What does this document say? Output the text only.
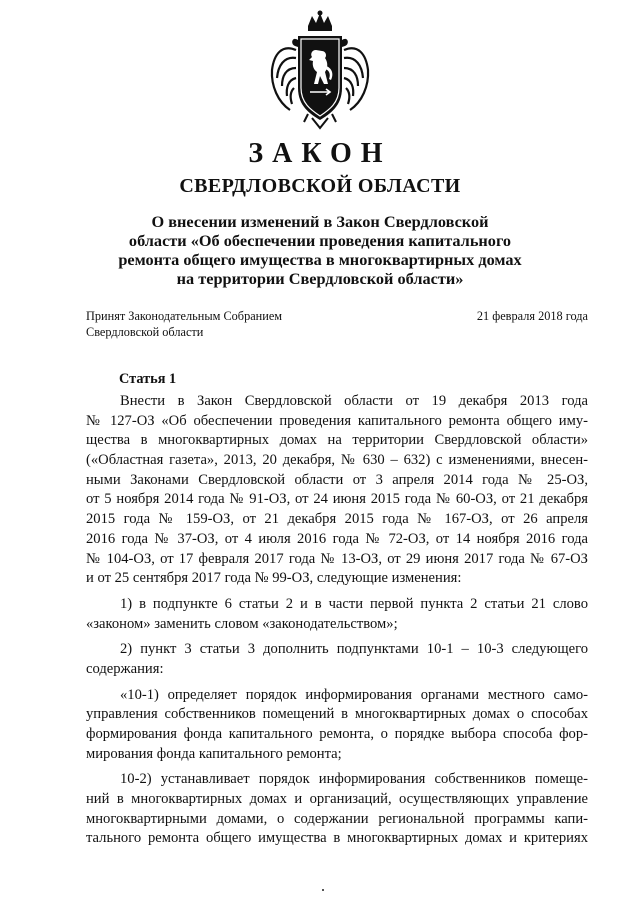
ЗАКОН
СВЕРДЛОВСКОЙ ОБЛАСТИ
О внесении изменений в Закон Свердловской
области «Об обеспечении проведения капитального
ремонта общего имущества в многоквартирных домах
на территории Свердловской области»
Принят Законодательным Собранием
Свердловской области
21 февраля 2018 года
Статья 1
Внести в Закон Свердловской области от 19 декабря 2013 года
№ 127-ОЗ «Об обеспечении проведения капитального ремонта общего иму-
щества в многоквартирных домах на территории Свердловской области»
(«Областная газета», 2013, 20 декабря, № 630 – 632) с изменениями, внесен-
ными Законами Свердловской области от 3 апреля 2014 года № 25-ОЗ,
от 5 ноября 2014 года № 91-ОЗ, от 24 июня 2015 года № 60-ОЗ, от 21 декабря
2015 года № 159-ОЗ, от 21 декабря 2015 года № 167-ОЗ, от 26 апреля
2016 года № 37-ОЗ, от 4 июля 2016 года № 72-ОЗ, от 14 ноября 2016 года
№ 104-ОЗ, от 17 февраля 2017 года № 13-ОЗ, от 29 июня 2017 года № 67-ОЗ
и от 25 сентября 2017 года № 99-ОЗ, следующие изменения:
1) в подпункте 6 статьи 2 и в части первой пункта 2 статьи 21 слово
«законом» заменить словом «законодательством»;
2) пункт 3 статьи 3 дополнить подпунктами 10-1 – 10-3 следующего
содержания:
«10-1) определяет порядок информирования органами местного само-
управления собственников помещений в многоквартирных домах о способах
формирования фонда капитального ремонта, о порядке выбора способа фор-
мирования фонда капитального ремонта;
10-2) устанавливает порядок информирования собственников помеще-
ний в многоквартирных домах и организаций, осуществляющих управление
многоквартирными домами, о содержании региональной программы капи-
тального ремонта общего имущества в многоквартирных домах и критериях
